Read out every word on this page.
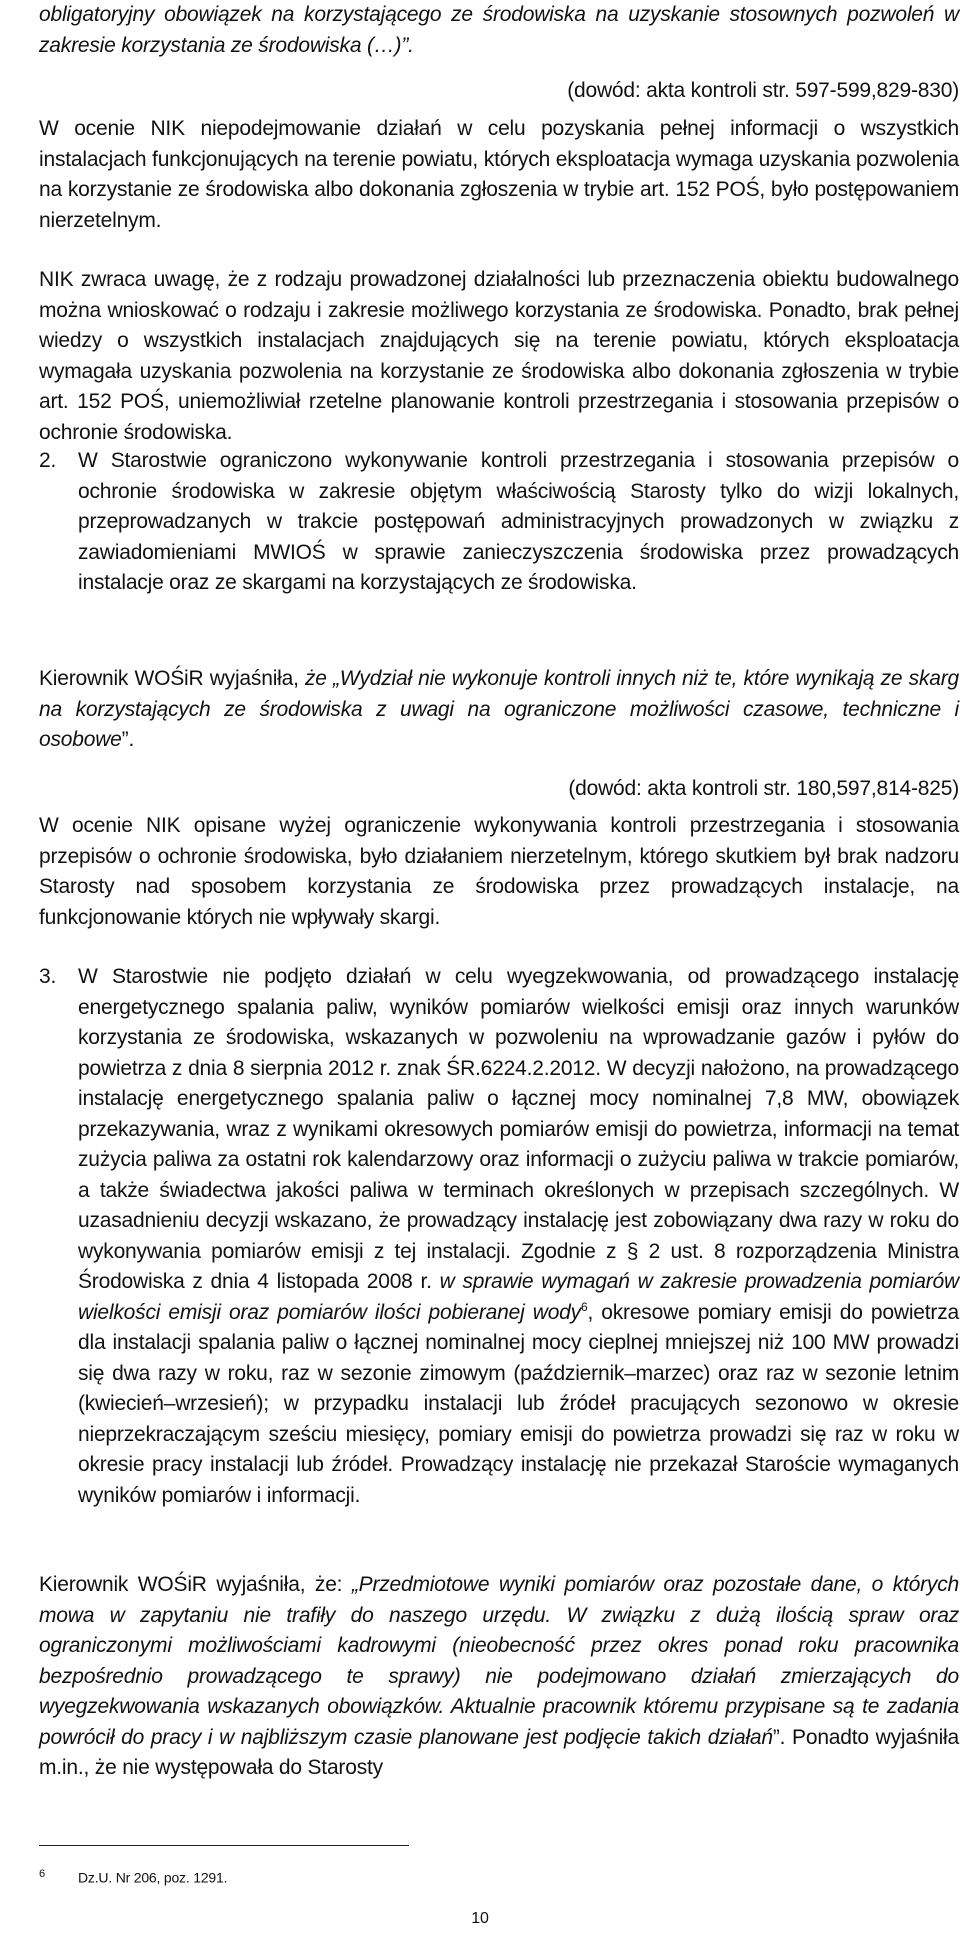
obligatoryjny obowiązek na korzystającego ze środowiska na uzyskanie stosownych pozwoleń w zakresie korzystania ze środowiska (…)”.

(dowód: akta kontroli str. 597-599,829-830)

W ocenie NIK niepodejmowanie działań w celu pozyskania pełnej informacji o wszystkich instalacjach funkcjonujących na terenie powiatu, których eksploatacja wymaga uzyskania pozwolenia na korzystanie ze środowiska albo dokonania zgłoszenia w trybie art. 152 POŚ, było postępowaniem nierzetelnym.

NIK zwraca uwagę, że z rodzaju prowadzonej działalności lub przeznaczenia obiektu budowalnego można wnioskować o rodzaju i zakresie możliwego korzystania ze środowiska. Ponadto, brak pełnej wiedzy o wszystkich instalacjach znajdujących się na terenie powiatu, których eksploatacja wymagała uzyskania pozwolenia na korzystanie ze środowiska albo dokonania zgłoszenia w trybie art. 152 POŚ, uniemożliwiał rzetelne planowanie kontroli przestrzegania i stosowania przepisów o ochronie środowiska.

2.	W Starostwie ograniczono wykonywanie kontroli przestrzegania i stosowania przepisów o ochronie środowiska w zakresie objętym właściwością Starosty tylko do wizji lokalnych, przeprowadzanych w trakcie postępowań administracyjnych prowadzonych w związku z zawiadomieniami MWIOŚ w sprawie zanieczyszczenia środowiska przez prowadzących instalacje oraz ze skargami na korzystających ze środowiska.

Kierownik WOŚiR wyjaśniła, że „Wydział nie wykonuje kontroli innych niż te, które wynikają ze skarg na korzystających ze środowiska z uwagi na ograniczone możliwości czasowe, techniczne i osobowe”.

(dowód: akta kontroli str. 180,597,814-825)

W ocenie NIK opisane wyżej ograniczenie wykonywania kontroli przestrzegania i stosowania przepisów o ochronie środowiska, było działaniem nierzetelnym, którego skutkiem był brak nadzoru Starosty nad sposobem korzystania ze środowiska przez prowadzących instalacje, na funkcjonowanie których nie wpływały skargi.

3.	W Starostwie nie podjęto działań w celu wyegzekwowania, od prowadzącego instalację energetycznego spalania paliw, wyników pomiarów wielkości emisji oraz innych warunków korzystania ze środowiska, wskazanych w pozwoleniu na wprowadzanie gazów i pyłów do powietrza z dnia 8 sierpnia 2012 r. znak ŚR.6224.2.2012. W decyzji nałożono, na prowadzącego instalację energetycznego spalania paliw o łącznej mocy nominalnej 7,8 MW, obowiązek przekazywania, wraz z wynikami okresowych pomiarów emisji do powietrza, informacji na temat zużycia paliwa za ostatni rok kalendarzowy oraz informacji o zużyciu paliwa w trakcie pomiarów, a także świadectwa jakości paliwa w terminach określonych w przepisach szczególnych. W uzasadnieniu decyzji wskazano, że prowadzący instalację jest zobowiązany dwa razy w roku do wykonywania pomiarów emisji z tej instalacji. Zgodnie z § 2 ust. 8 rozporządzenia Ministra Środowiska z dnia 4 listopada 2008 r. w sprawie wymagań w zakresie prowadzenia pomiarów wielkości emisji oraz pomiarów ilości pobieranej wody$^6$, okresowe pomiary emisji do powietrza dla instalacji spalania paliw o łącznej nominalnej mocy cieplnej mniejszej niż 100 MW prowadzi się dwa razy w roku, raz w sezonie zimowym (październik–marzec) oraz raz w sezonie letnim (kwiecień–wrzesień); w przypadku instalacji lub źródeł pracujących sezonowo w okresie nieprzekraczającym sześciu miesięcy, pomiary emisji do powietrza prowadzi się raz w roku w okresie pracy instalacji lub źródeł. Prowadzący instalację nie przekazał Staroście wymaganych wyników pomiarów i informacji.

Kierownik WOŚiR wyjaśniła, że: „Przedmiotowe wyniki pomiarów oraz pozostałe dane, o których mowa w zapytaniu nie trafiły do naszego urzędu. W związku z dużą ilością spraw oraz ograniczonymi możliwościami kadrowymi (nieobecność przez okres ponad roku pracownika bezpośrednio prowadzącego te sprawy) nie podejmowano działań zmierzających do wyegzekwowania wskazanych obowiązków. Aktualnie pracownik któremu przypisane są te zadania powrócił do pracy i w najbliższym czasie planowane jest podjęcie takich działań”. Ponadto wyjaśniła m.in., że nie występowała do Starosty

6 Dz.U. Nr 206, poz. 1291.
10
